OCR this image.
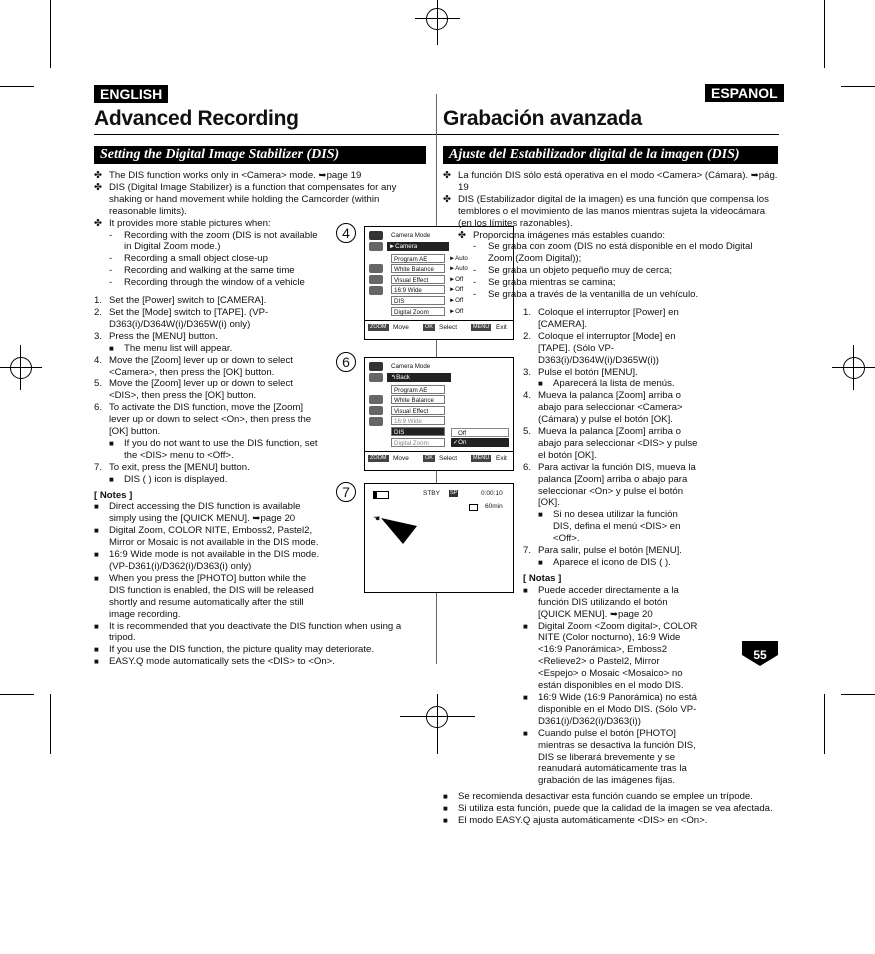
ENGLISH	ESPANOL
Advanced Recording	Grabación avanzada
Setting the Digital Image Stabilizer (DIS)	Ajuste del Estabilizador digital de la imagen (DIS)
✤ The DIS function works only in <Camera> mode. ➥page 19
✤ DIS (Digital Image Stabilizer) is a function that compensates for any shaking or hand movement while holding the Camcorder (within reasonable limits).
✤ It provides more stable pictures when:
-	Recording with the zoom (DIS is not available in Digital Zoom mode.)
-	Recording a small object close-up
-	Recording and walking at the same time
-	Recording through the window of a vehicle
1. Set the [Power] switch to [CAMERA].
2. Set the [Mode] switch to [TAPE]. (VP-D363(i)/D364W(i)/D365W(i) only)
3. Press the [MENU] button.
■	The menu list will appear.
4. Move the [Zoom] lever up or down to select <Camera>, then press the [OK] button.
5. Move the [Zoom] lever up or down to select <DIS>, then press the [OK] button.
6. To activate the DIS function, move the [Zoom] lever up or down to select <On>, then press the [OK] button.
■	If you do not want to use the DIS function, set the <DIS> menu to <Off>.
7. To exit, press the [MENU] button.
■	DIS ( ) icon is displayed.
[ Notes ]
■	Direct accessing the DIS function is available simply using the [QUICK MENU]. ➥page 20
■	Digital Zoom, COLOR NITE, Emboss2, Pastel2, Mirror or Mosaic is not available in the DIS mode.
■	16:9 Wide mode is not available in the DIS mode.(VP-D361(i)/D362(i)/D363(i) only)
■	When you press the [PHOTO] button while the DIS function is enabled, the DIS will be released shortly and resume automatically after the still image recording.
■	It is recommended that you deactivate the DIS function when using a tripod.
■	If you use the DIS function, the picture quality may deteriorate.
■	EASY.Q mode automatically sets the <DIS> to <On>.
4	Camera Mode
►Camera
Program AE
White Balance
Visual Effect
16:9 Wide
DIS
Digital Zoom
►Auto
►Auto
►Off
►Off
►Off
►Off
ZOOM	Move	OK Select	MENU	Exit
6	Camera Mode
↰Back
Program AE
White Balance
Visual Effect
16:9 Wide
DIS
Digital Zoom
Off
✓On
ZOOM	Move	OK Select	MENU	Exit
7	STBY SP	0:00:10
60min
☚
✤ La función DIS sólo está operativa en el modo <Camera> (Cámara). ➥pág. 19
✤ DIS (Estabilizador digital de la imagen) es una función que compensa los temblores o el movimiento de las manos mientras sujeta la videocámara (en los límites razonables).
✤ Proporciona imágenes más estables cuando:
-	Se graba con zoom (DIS no está disponible en el modo Digital Zoom (Zoom Digital));
-	Se graba un objeto pequeño muy de cerca;
-	Se graba mientras se camina;
-	Se graba a través de la ventanilla de un vehículo.
1. Coloque el interruptor [Power] en [CAMERA].
2. Coloque el interruptor [Mode] en [TAPE]. (Sólo VP-D363(i)/D364W(i)/D365W(i))
3. Pulse el botón [MENU].
■	Aparecerá la lista de menús.
4. Mueva la palanca [Zoom] arriba o abajo para seleccionar <Camera> (Cámara) y pulse el botón [OK].
5. Mueva la palanca [Zoom] arriba o abajo para seleccionar <DIS> y pulse el botón [OK].
6. Para activar la función DIS, mueva la palanca [Zoom] arriba o abajo para seleccionar <On> y pulse el botón [OK].
■	Si no desea utilizar la función DIS, defina el menú <DIS> en <Off>.
7. Para salir, pulse el botón [MENU].
■	Aparece el icono de DIS ( ).
[ Notas ]
■	Puede acceder directamente a la función DIS utilizando el botón [QUICK MENU]. ➥page 20
■	Digital Zoom <Zoom digital>, COLOR NITE (Color nocturno), 16:9 Wide <16:9 Panorámica>, Emboss2 <Relieve2> o Pastel2, Mirror <Espejo> o Mosaic <Mosaico> no están disponibles en el modo DIS.
■	16:9 Wide (16:9 Panorámica) no está disponible en el Modo DIS. (Sólo VP-D361(i)/D362(i)/D363(i))
■	Cuando pulse el botón [PHOTO] mientras se desactiva la función DIS, DIS se liberará brevemente y se reanudará automáticamente tras la grabación de las imágenes fijas.
■	Se recomienda desactivar esta función cuando se emplee un trípode.
■	Si utiliza esta función, puede que la calidad de la imagen se vea afectada.
■	El modo EASY.Q ajusta automáticamente <DIS> en <On>.
55
